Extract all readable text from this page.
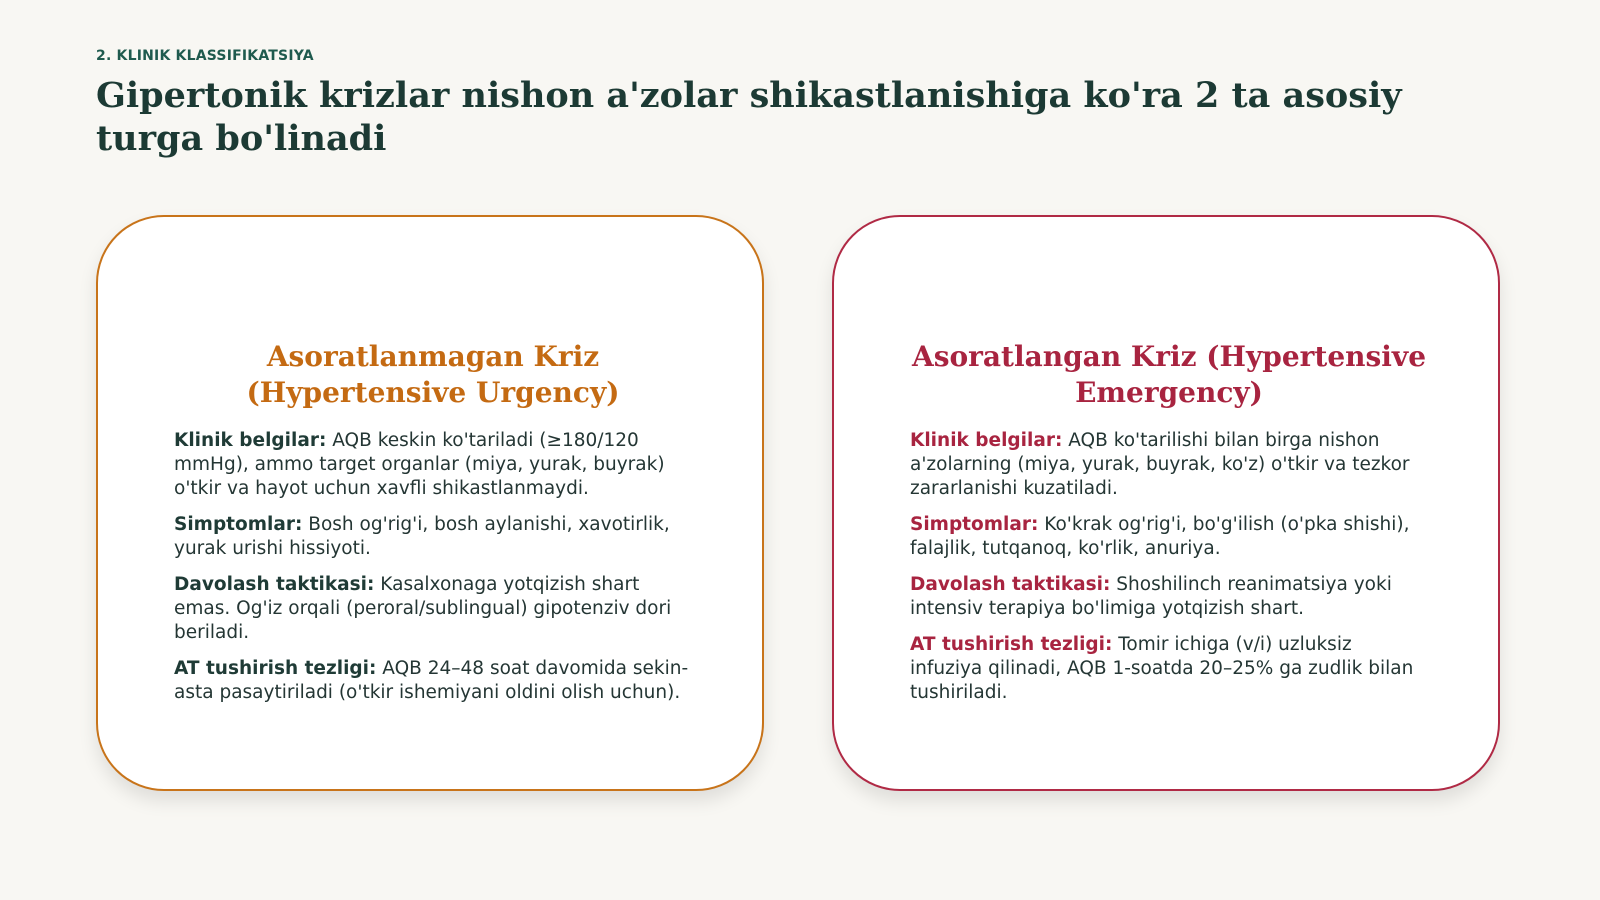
2. KLINIK KLASSIFIKATSIYA
Gipertonik krizlar nishon a'zolar shikastlanishiga ko'ra 2 ta asosiy turga bo'linadi
Asoratlanmagan Kriz (Hypertensive Urgency)

Klinik belgilar: AQB keskin ko'tariladi (≥180/120 mmHg), ammo target organlar (miya, yurak, buyrak) o'tkir va hayot uchun xavfli shikastlanmaydi.

Simptomlar: Bosh og'rig'i, bosh aylanishi, xavotirlik, yurak urishi hissiyoti.

Davolash taktikasi: Kasalxonaga yotqizish shart emas. Og'iz orqali (peroral/sublingual) gipotenziv dori beriladi.

AT tushirish tezligi: AQB 24–48 soat davomida sekin-asta pasaytiriladi (o'tkir ishemiyani oldini olish uchun).

Asoratlangan Kriz (Hypertensive Emergency)

Klinik belgilar: AQB ko'tarilishi bilan birga nishon a'zolarning (miya, yurak, buyrak, ko'z) o'tkir va tezkor zararlanishi kuzatiladi.

Simptomlar: Ko'krak og'rig'i, bo'g'ilish (o'pka shishi), falajlik, tutqanoq, ko'rlik, anuriya.

Davolash taktikasi: Shoshilinch reanimatsiya yoki intensiv terapiya bo'limiga yotqizish shart.

AT tushirish tezligi: Tomir ichiga (v/i) uzluksiz infuziya qilinadi, AQB 1-soatda 20–25% ga zudlik bilan tushiriladi.
